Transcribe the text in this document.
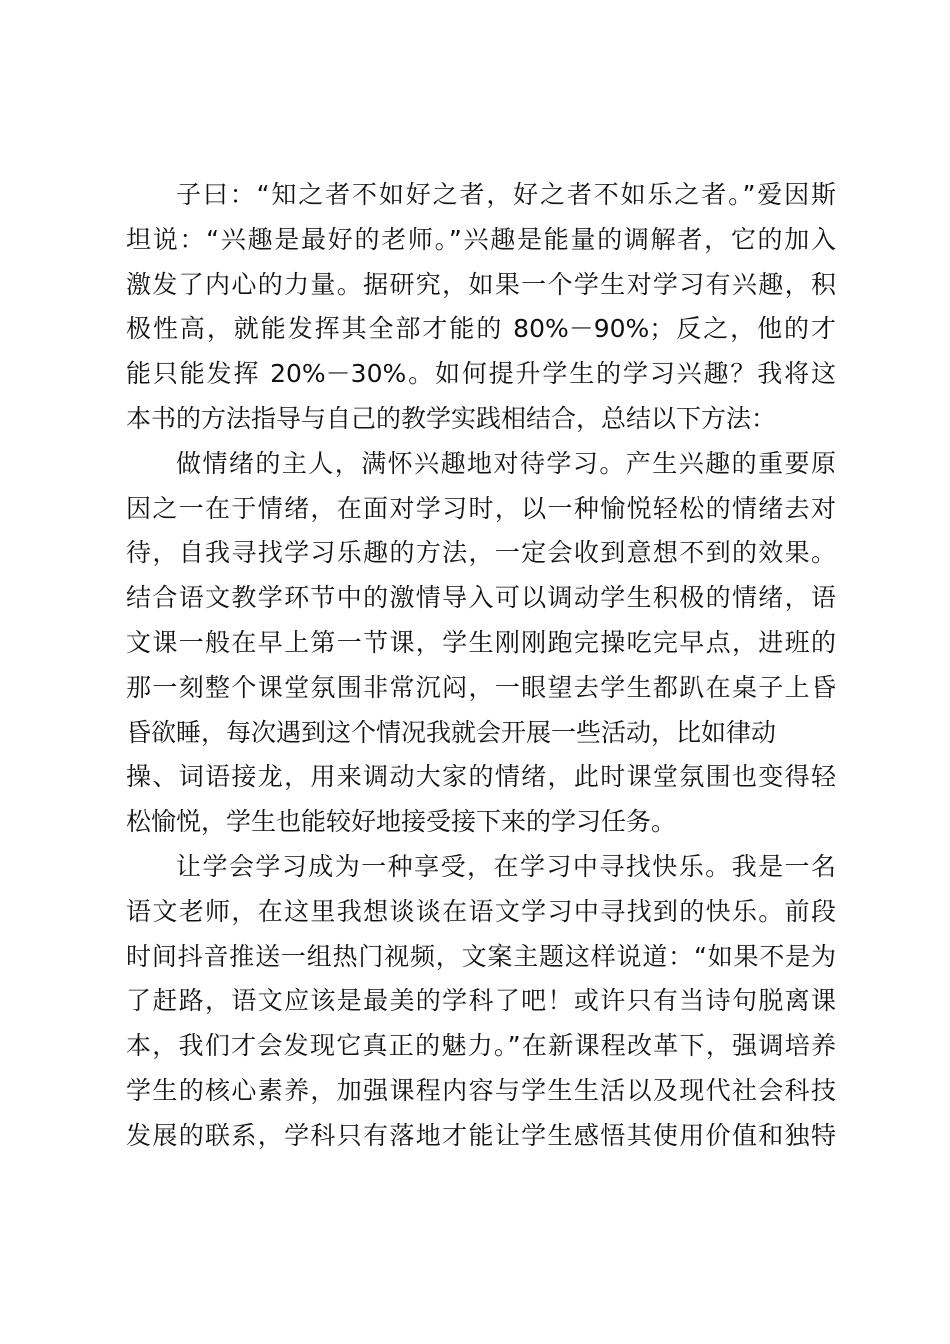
子曰：“知之者不如好之者，好之者不如乐之者。”爱因斯
坦说：“兴趣是最好的老师。”兴趣是能量的调解者，它的加入
激发了内心的力量。据研究，如果一个学生对学习有兴趣，积
极性高，就能发挥其全部才能的 80%－90%；反之，他的才
能只能发挥 20%－30%。如何提升学生的学习兴趣？我将这
本书的方法指导与自己的教学实践相结合，总结以下方法：
做情绪的主人，满怀兴趣地对待学习。产生兴趣的重要原
因之一在于情绪，在面对学习时，以一种愉悦轻松的情绪去对
待，自我寻找学习乐趣的方法，一定会收到意想不到的效果。
结合语文教学环节中的激情导入可以调动学生积极的情绪，语
文课一般在早上第一节课，学生刚刚跑完操吃完早点，进班的
那一刻整个课堂氛围非常沉闷，一眼望去学生都趴在桌子上昏
昏欲睡，每次遇到这个情况我就会开展一些活动，比如律动
操、词语接龙，用来调动大家的情绪，此时课堂氛围也变得轻
松愉悦，学生也能较好地接受接下来的学习任务。
让学会学习成为一种享受，在学习中寻找快乐。我是一名
语文老师，在这里我想谈谈在语文学习中寻找到的快乐。前段
时间抖音推送一组热门视频，文案主题这样说道：“如果不是为
了赶路，语文应该是最美的学科了吧！或许只有当诗句脱离课
本，我们才会发现它真正的魅力。”在新课程改革下，强调培养
学生的核心素养，加强课程内容与学生生活以及现代社会科技
发展的联系，学科只有落地才能让学生感悟其使用价值和独特
